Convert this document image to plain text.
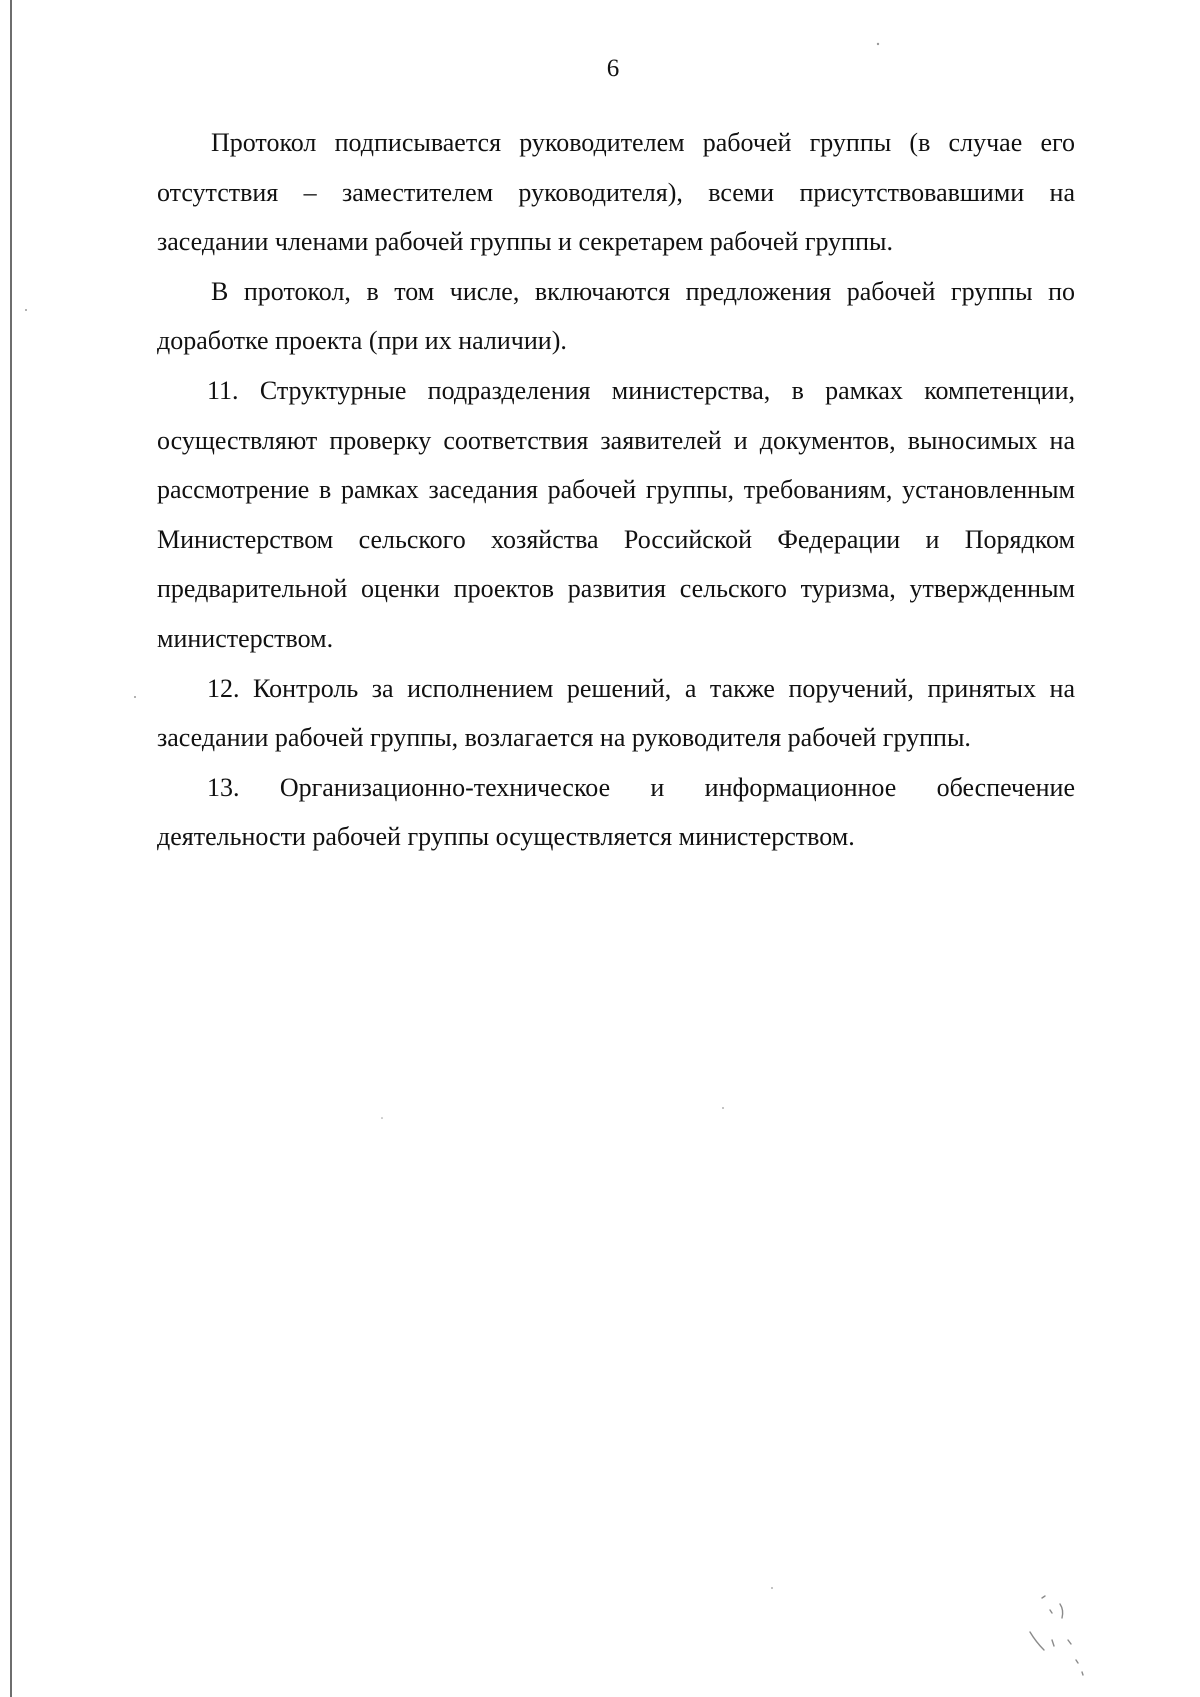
6

Протокол подписывается руководителем рабочей группы (в случае его отсутствия – заместителем руководителя), всеми присутствовавшими на заседании членами рабочей группы и секретарем рабочей группы.

В протокол, в том числе, включаются предложения рабочей группы по доработке проекта (при их наличии).

11. Структурные подразделения министерства, в рамках компетенции, осуществляют проверку соответствия заявителей и документов, выносимых на рассмотрение в рамках заседания рабочей группы, требованиям, установленным Министерством сельского хозяйства Российской Федерации и Порядком предварительной оценки проектов развития сельского туризма, утвержденным министерством.

12. Контроль за исполнением решений, а также поручений, принятых на заседании рабочей группы, возлагается на руководителя рабочей группы.

13. Организационно-техническое и информационное обеспечение деятельности рабочей группы осуществляется министерством.
